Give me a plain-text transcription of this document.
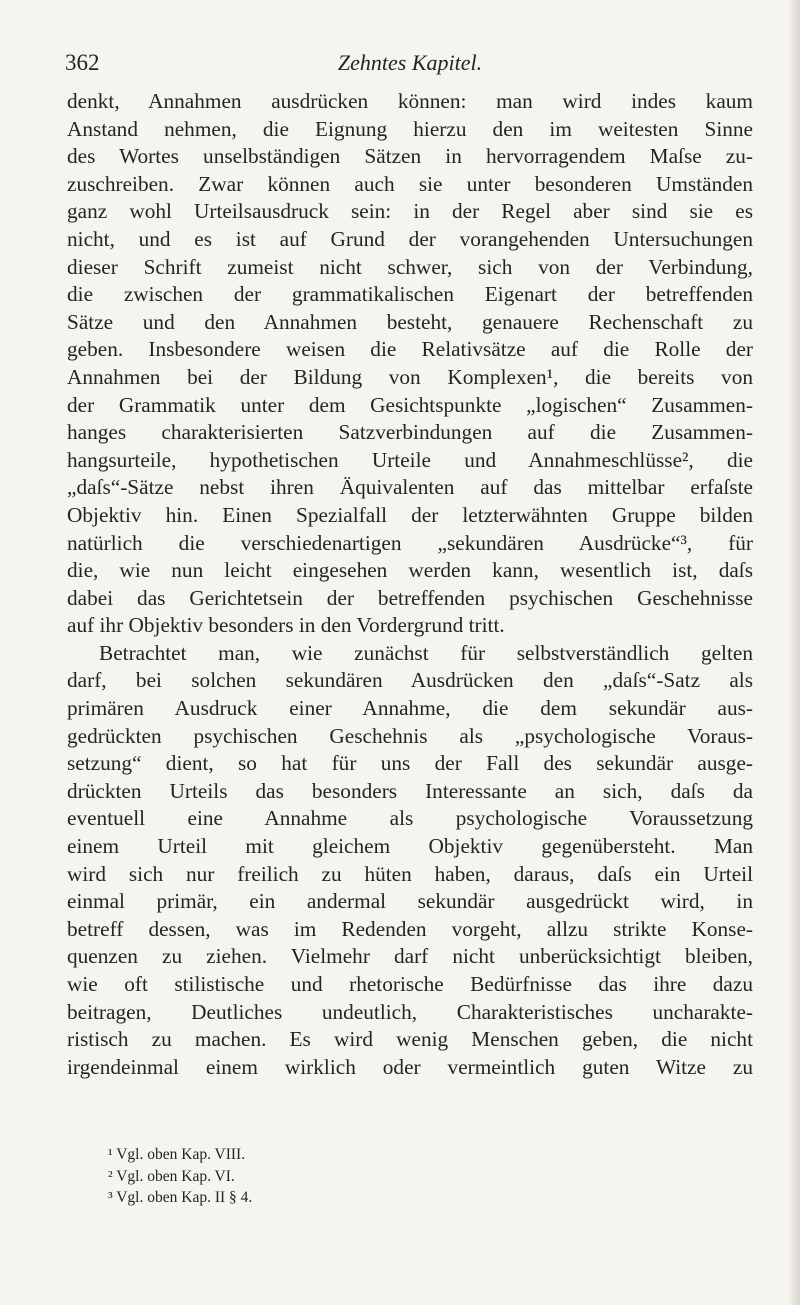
362	Zehntes Kapitel.
denkt, Annahmen ausdrücken können: man wird indes kaum
Anstand nehmen, die Eignung hierzu den im weitesten Sinne
des Wortes unselbständigen Sätzen in hervorragendem Maſse zu-
zuschreiben. Zwar können auch sie unter besonderen Umständen
ganz wohl Urteilsausdruck sein: in der Regel aber sind sie es
nicht, und es ist auf Grund der vorangehenden Untersuchungen
dieser Schrift zumeist nicht schwer, sich von der Verbindung,
die zwischen der grammatikalischen Eigenart der betreffenden
Sätze und den Annahmen besteht, genauere Rechenschaft zu
geben. Insbesondere weisen die Relativsätze auf die Rolle der
Annahmen bei der Bildung von Komplexen¹, die bereits von
der Grammatik unter dem Gesichtspunkte „logischen“ Zusammen-
hanges charakterisierten Satzverbindungen auf die Zusammen-
hangsurteile, hypothetischen Urteile und Annahmeschlüsse², die
„daſs“-Sätze nebst ihren Äquivalenten auf das mittelbar erfaſste
Objektiv hin. Einen Spezialfall der letzterwähnten Gruppe bilden
natürlich die verschiedenartigen „sekundären Ausdrücke“³, für
die, wie nun leicht eingesehen werden kann, wesentlich ist, daſs
dabei das Gerichtetsein der betreffenden psychischen Geschehnisse
auf ihr Objektiv besonders in den Vordergrund tritt.
Betrachtet man, wie zunächst für selbstverständlich gelten
darf, bei solchen sekundären Ausdrücken den „daſs“-Satz als
primären Ausdruck einer Annahme, die dem sekundär aus-
gedrückten psychischen Geschehnis als „psychologische Voraus-
setzung“ dient, so hat für uns der Fall des sekundär ausge-
drückten Urteils das besonders Interessante an sich, daſs da
eventuell eine Annahme als psychologische Voraussetzung
einem Urteil mit gleichem Objektiv gegenübersteht. Man
wird sich nur freilich zu hüten haben, daraus, daſs ein Urteil
einmal primär, ein andermal sekundär ausgedrückt wird, in
betreff dessen, was im Redenden vorgeht, allzu strikte Konse-
quenzen zu ziehen. Vielmehr darf nicht unberücksichtigt bleiben,
wie oft stilistische und rhetorische Bedürfnisse das ihre dazu
beitragen, Deutliches undeutlich, Charakteristisches uncharakte-
ristisch zu machen. Es wird wenig Menschen geben, die nicht
irgendeinmal einem wirklich oder vermeintlich guten Witze zu
¹ Vgl. oben Kap. VIII.
² Vgl. oben Kap. VI.
³ Vgl. oben Kap. II § 4.
